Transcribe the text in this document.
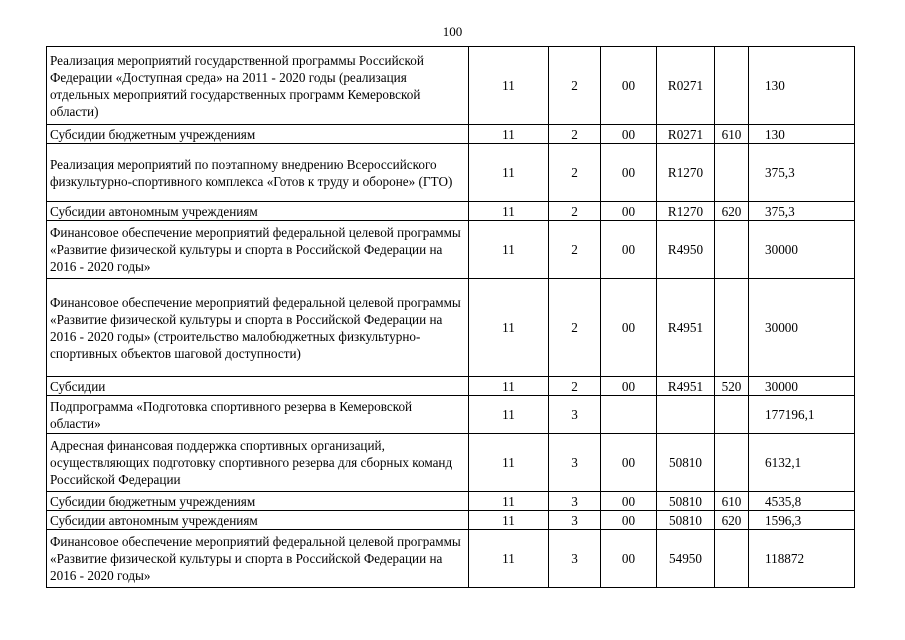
100
Реализация мероприятий государственной программы Российской Федерации «Доступная среда» на 2011 - 2020 годы (реализация отдельных мероприятий государственных программ Кемеровской области)	11	2	00	R0271		130
Субсидии бюджетным учреждениям	11	2	00	R0271	610	130
Реализация мероприятий по поэтапному внедрению Всероссийского физкультурно-спортивного комплекса «Готов к труду и обороне» (ГТО)	11	2	00	R1270		375,3
Субсидии автономным учреждениям	11	2	00	R1270	620	375,3
Финансовое обеспечение мероприятий федеральной целевой программы «Развитие физической культуры и спорта в Российской Федерации на 2016 - 2020 годы»	11	2	00	R4950		30000
Финансовое обеспечение мероприятий федеральной целевой программы «Развитие физической культуры и спорта в Российской Федерации на 2016 - 2020 годы» (строительство малобюджетных физкультурно-спортивных объектов шаговой доступности)	11	2	00	R4951		30000
Субсидии	11	2	00	R4951	520	30000
Подпрограмма «Подготовка спортивного резерва в Кемеровской области»	11	3				177196,1
Адресная финансовая поддержка спортивных организаций, осуществляющих подготовку спортивного резерва для сборных команд Российской Федерации	11	3	00	50810		6132,1
Субсидии бюджетным учреждениям	11	3	00	50810	610	4535,8
Субсидии автономным учреждениям	11	3	00	50810	620	1596,3
Финансовое обеспечение мероприятий федеральной целевой программы «Развитие физической культуры и спорта в Российской Федерации на 2016 - 2020 годы»	11	3	00	54950		118872
